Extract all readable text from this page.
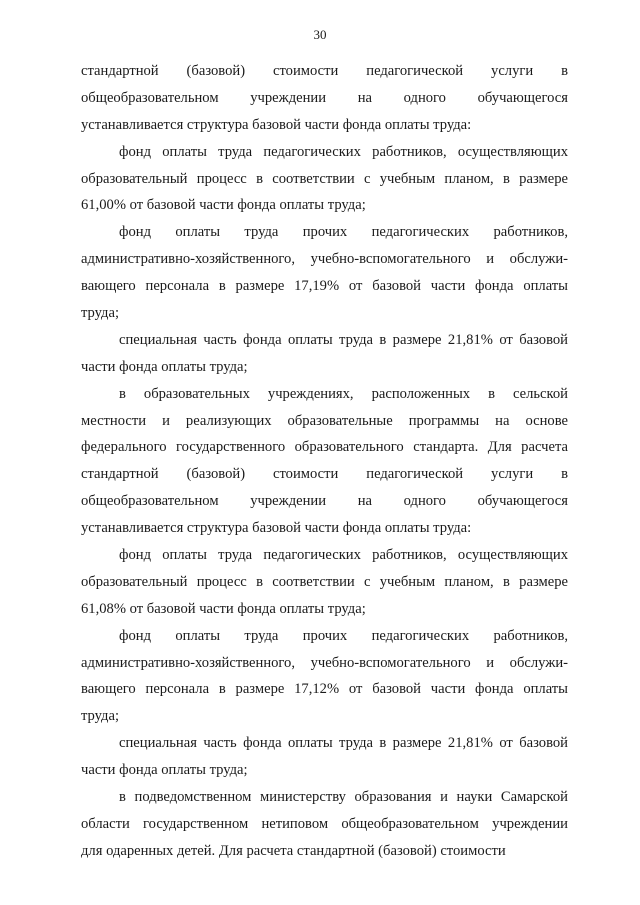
30
стандартной (базовой) стоимости педагогической услуги в
общеобразовательном учреждении на одного обучающегося
устанавливается структура базовой части фонда оплаты труда:
фонд оплаты труда педагогических работников, осуществляющих
образовательный процесс в соответствии с учебным планом, в размере
61,00% от базовой части фонда оплаты труда;
фонд оплаты труда прочих педагогических работников,
административно-хозяйственного, учебно-вспомогательного и обслужи-
вающего персонала в размере 17,19% от базовой части фонда оплаты
труда;
специальная часть фонда оплаты труда в размере 21,81% от базовой
части фонда оплаты труда;
в образовательных учреждениях, расположенных в сельской
местности и реализующих образовательные программы на основе
федерального государственного образовательного стандарта. Для расчета
стандартной (базовой) стоимости педагогической услуги в
общеобразовательном учреждении на одного обучающегося
устанавливается структура базовой части фонда оплаты труда:
фонд оплаты труда педагогических работников, осуществляющих
образовательный процесс в соответствии с учебным планом, в размере
61,08% от базовой части фонда оплаты труда;
фонд оплаты труда прочих педагогических работников,
административно-хозяйственного, учебно-вспомогательного и обслужи-
вающего персонала в размере 17,12% от базовой части фонда оплаты
труда;
специальная часть фонда оплаты труда в размере 21,81% от базовой
части фонда оплаты труда;
в подведомственном министерству образования и науки Самарской
области государственном нетиповом общеобразовательном учреждении
для одаренных детей. Для расчета стандартной (базовой) стоимости
